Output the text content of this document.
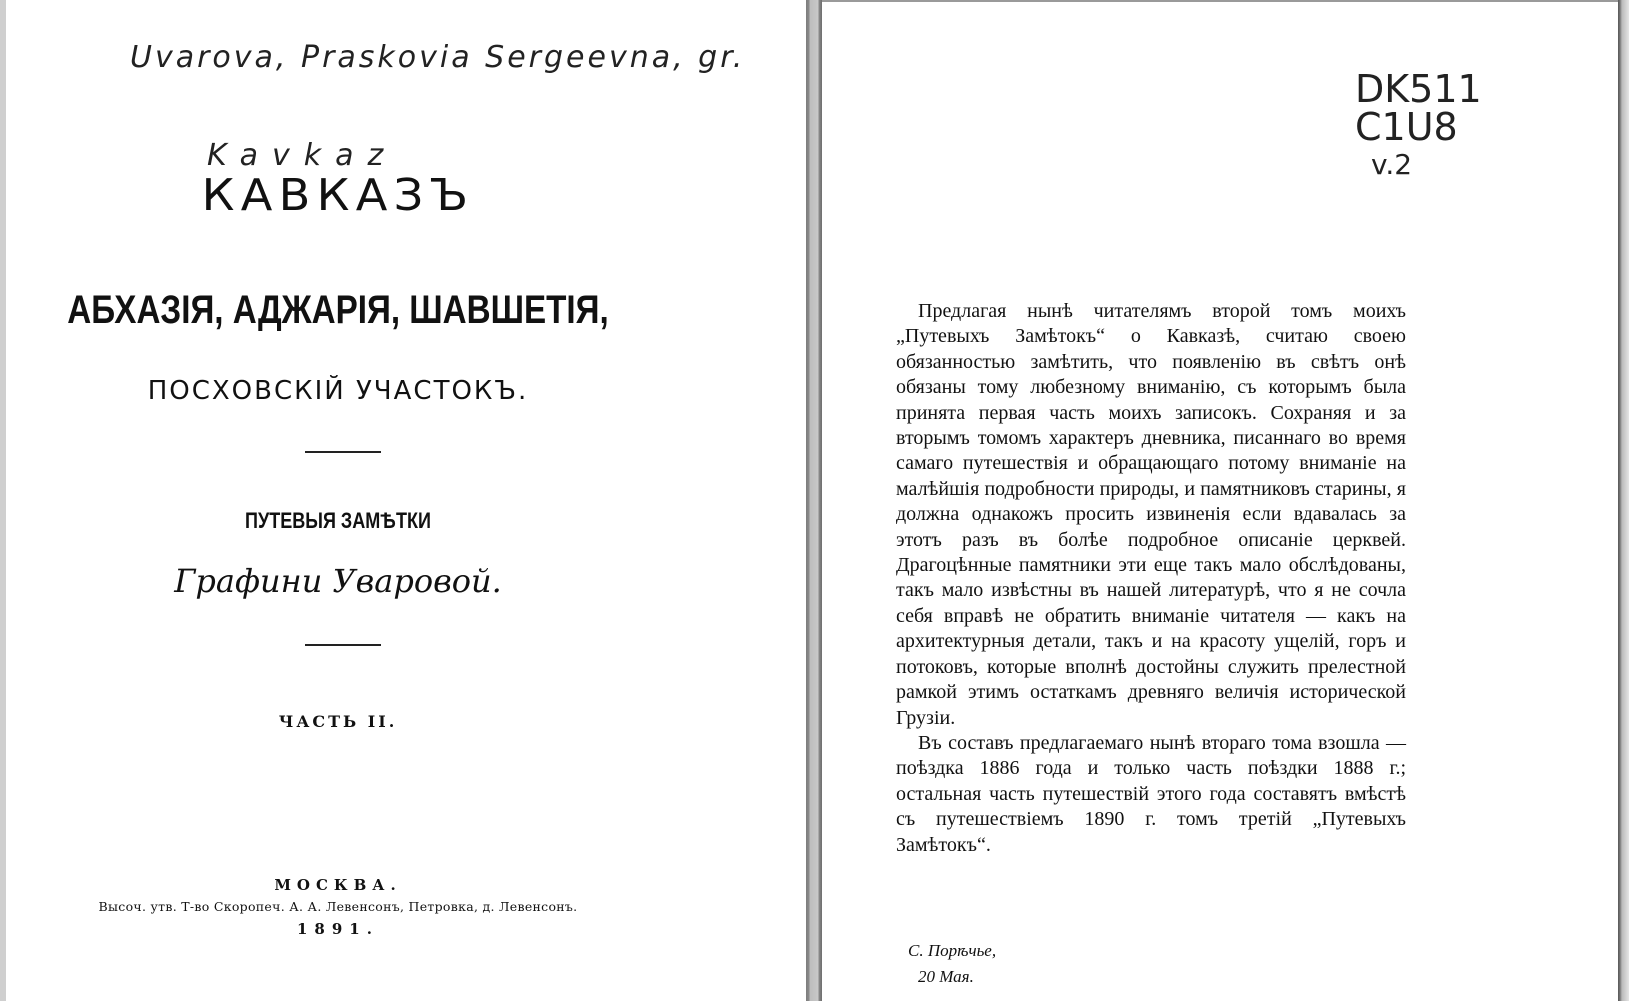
Uvarova, Praskovia Sergeevna, gr.
Kavkaz
КАВКАЗЪ
АБХАЗІЯ, АДЖАРІЯ, ШАВШЕТІЯ,
ПОСХОВСКІЙ УЧАСТОКЪ.
ПУТЕВЫЯ ЗАМѢТКИ
Графини Уваровой.
ЧАСТЬ II.
МОСКВА.
Высоч. утв. Т-во Скоропеч. А. А. Левенсонъ, Петровка, д. Левенсонъ.
1891.
DK511
C1U8
v.2

Предлагая нынѣ читателямъ второй томъ моихъ „Путевыхъ Замѣтокъ“ о Кавказѣ, считаю своею обязанностью замѣтить, что появленію въ свѣтъ онѣ обязаны тому любезному вниманію, съ которымъ была принята первая часть моихъ записокъ. Сохраняя и за вторымъ томомъ характеръ дневника, писаннаго во время самаго путешествія и обращающаго потому вниманіе на малѣйшія подробности природы, и памятниковъ старины, я должна однакожъ просить извиненія если вдавалась за этотъ разъ въ болѣе подробное описаніе церквей. Драгоцѣнные памятники эти еще такъ мало обслѣдованы, такъ мало извѣстны въ нашей литературѣ, что я не сочла себя вправѣ не обратить вниманіе читателя — какъ на архитектурныя детали, такъ и на красоту ущелій, горъ и потоковъ, которые вполнѣ достойны служить прелестной рамкой этимъ остаткамъ древняго величія исторической Грузіи.

Въ составъ предлагаемаго нынѣ втораго тома взошла — поѣздка 1886 года и только часть поѣздки 1888 г.; остальная часть путешествій этого года составятъ вмѣстѣ съ путешествіемъ 1890 г. томъ третій „Путевыхъ Замѣтокъ“.

С. Порѣчье,
20 Мая.
